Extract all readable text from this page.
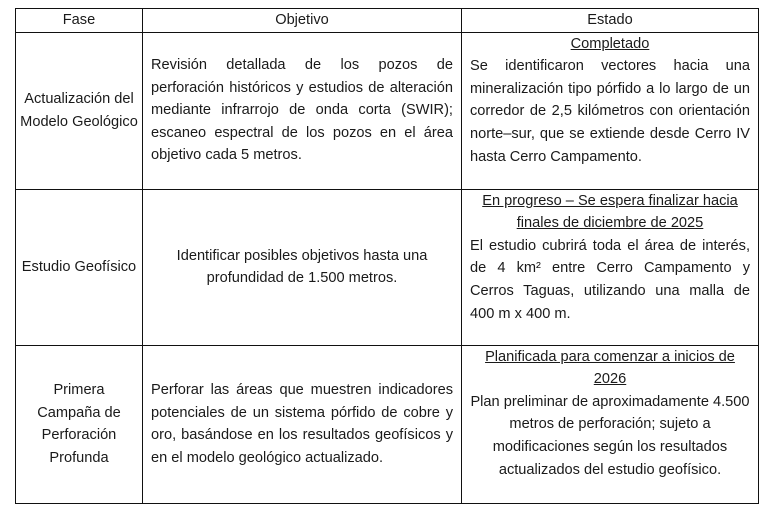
Fase	Objetivo	Estado
Actualización del Modelo Geológico	Revisión detallada de los pozos de perforación históricos y estudios de alteración mediante infrarrojo de onda corta (SWIR); escaneo espectral de los pozos en el área objetivo cada 5 metros.	Completado
Se identificaron vectores hacia una mineralización tipo pórfido a lo largo de un corredor de 2,5 kilómetros con orientación norte–sur, que se extiende desde Cerro IV hasta Cerro Campamento.

Estudio Geofísico	Identificar posibles objetivos hasta una profundidad de 1.500 metros.	En progreso – Se espera finalizar hacia finales de diciembre de 2025
El estudio cubrirá toda el área de interés, de 4 km² entre Cerro Campamento y Cerros Taguas, utilizando una malla de 400 m x 400 m.

Primera Campaña de Perforación Profunda	Perforar las áreas que muestren indicadores potenciales de un sistema pórfido de cobre y oro, basándose en los resultados geofísicos y en el modelo geológico actualizado.	Planificada para comenzar a inicios de 2026
Plan preliminar de aproximadamente 4.500 metros de perforación; sujeto a modificaciones según los resultados actualizados del estudio geofísico.
